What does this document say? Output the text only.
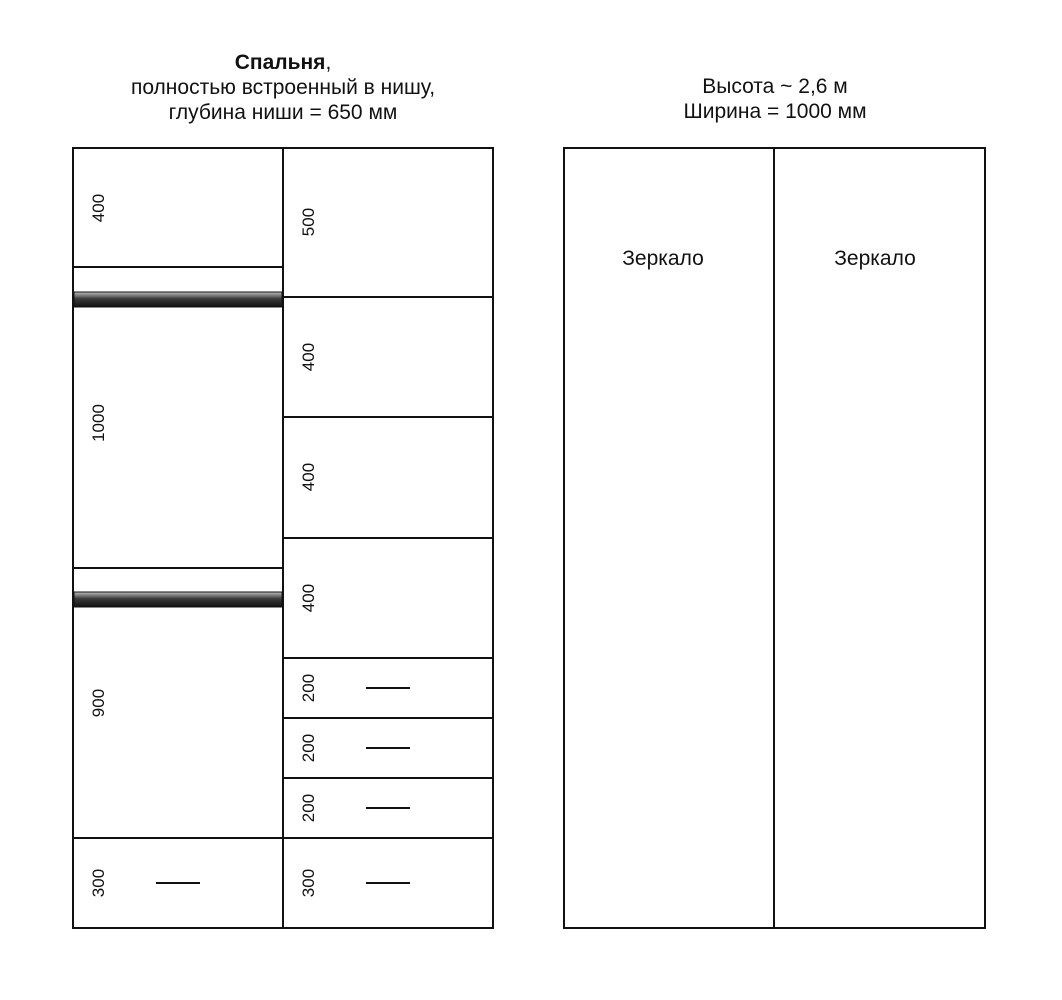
Спальня,
полностью встроенный в нишу,
глубина ниши = 650 мм
Высота ~ 2,6 м
Ширина = 1000 мм
400
1000
900
300
500
400
400
400
200
200
200
300
Зеркало	Зеркало
